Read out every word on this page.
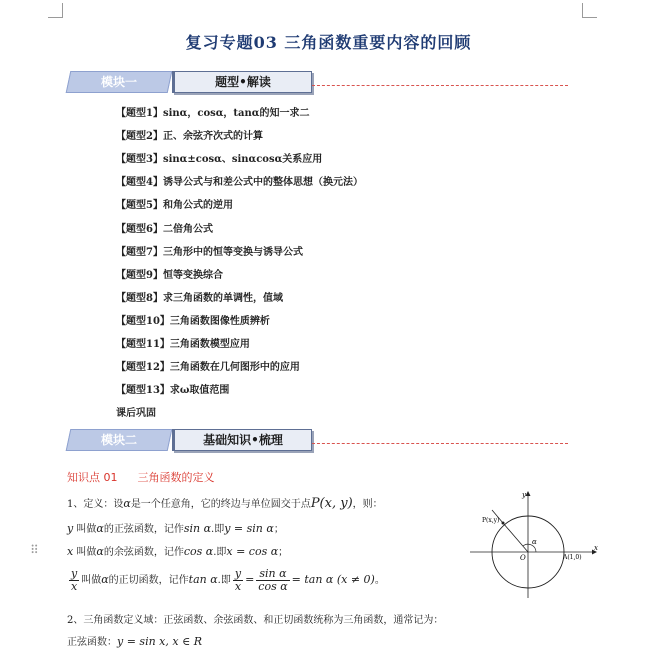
复习专题03 三角函数重要内容的回顾
模块一	题型•解读
【题型1】sinα，cosα，tanα的知一求二
【题型2】正、余弦齐次式的计算
【题型3】sinα±cosα、sinαcosα关系应用
【题型4】诱导公式与和差公式中的整体思想（换元法）
【题型5】和角公式的逆用
【题型6】二倍角公式
【题型7】三角形中的恒等变换与诱导公式
【题型9】恒等变换综合
【题型8】求三角函数的单调性，值域
【题型10】三角函数图像性质辨析
【题型11】三角函数模型应用
【题型12】三角函数在几何图形中的应用
【题型13】求ω取值范围
课后巩固
模块二	基础知识•梳理
知识点 01 三角函数的定义
⠿
1、定义：设α是一个任意角，它的终边与单位圆交于点P(x, y)，则：
y 叫做α的正弦函数，记作sin α.即y = sin α；
x 叫做α的余弦函数，记作cos α.即x = cos α；
$\frac{y}{x}$ 叫做α的正切函数，记作tan α.即 $\frac{y}{x} = \frac{\text{sin α}}{\text{cos α}} = \tan \alpha$ (x ≠ 0)。
2、三角函数定义域：正弦函数、余弦函数、和正切函数统称为三角函数，通常记为：
正弦函数：y = sin x, x ∈ R
y
x
P(x,y)
α
O	A(1,0)
